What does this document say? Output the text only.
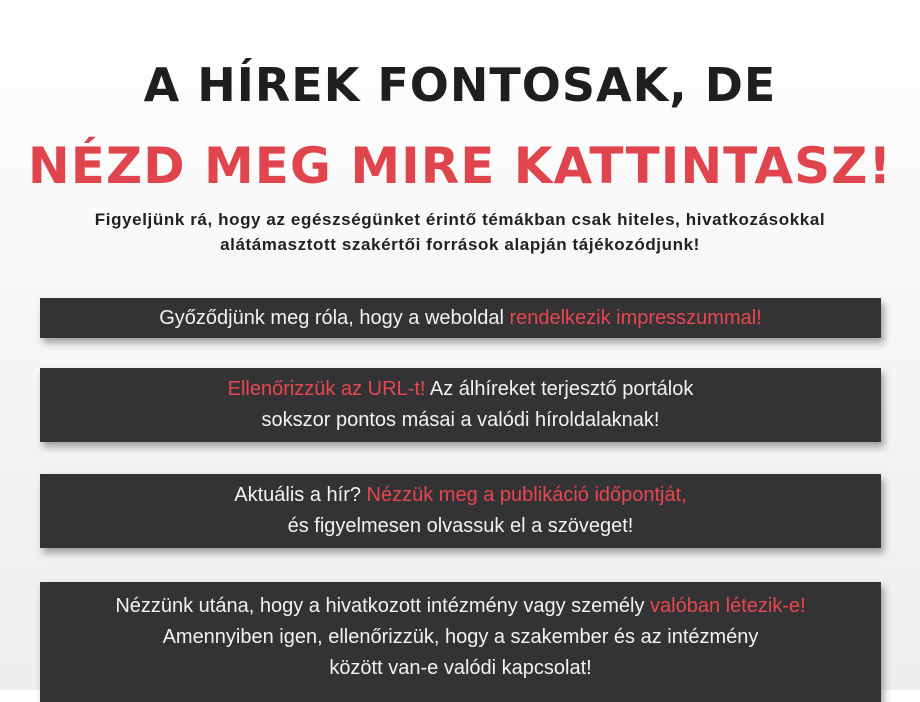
A HÍREK FONTOSAK, DE
NÉZD MEG MIRE KATTINTASZ!

Figyeljünk rá, hogy az egészségünket érintő témákban csak hiteles, hivatkozásokkal
alátámasztott szakértői források alapján tájékozódjunk!

Győződjünk meg róla, hogy a weboldal rendelkezik impresszummal!
Ellenőrizzük az URL-t! Az álhíreket terjesztő portálok
sokszor pontos másai a valódi híroldalaknak!
Aktuális a hír? Nézzük meg a publikáció időpontját,
és figyelmesen olvassuk el a szöveget!
Nézzünk utána, hogy a hivatkozott intézmény vagy személy valóban létezik-e!
Amennyiben igen, ellenőrizzük, hogy a szakember és az intézmény
között van-e valódi kapcsolat!
